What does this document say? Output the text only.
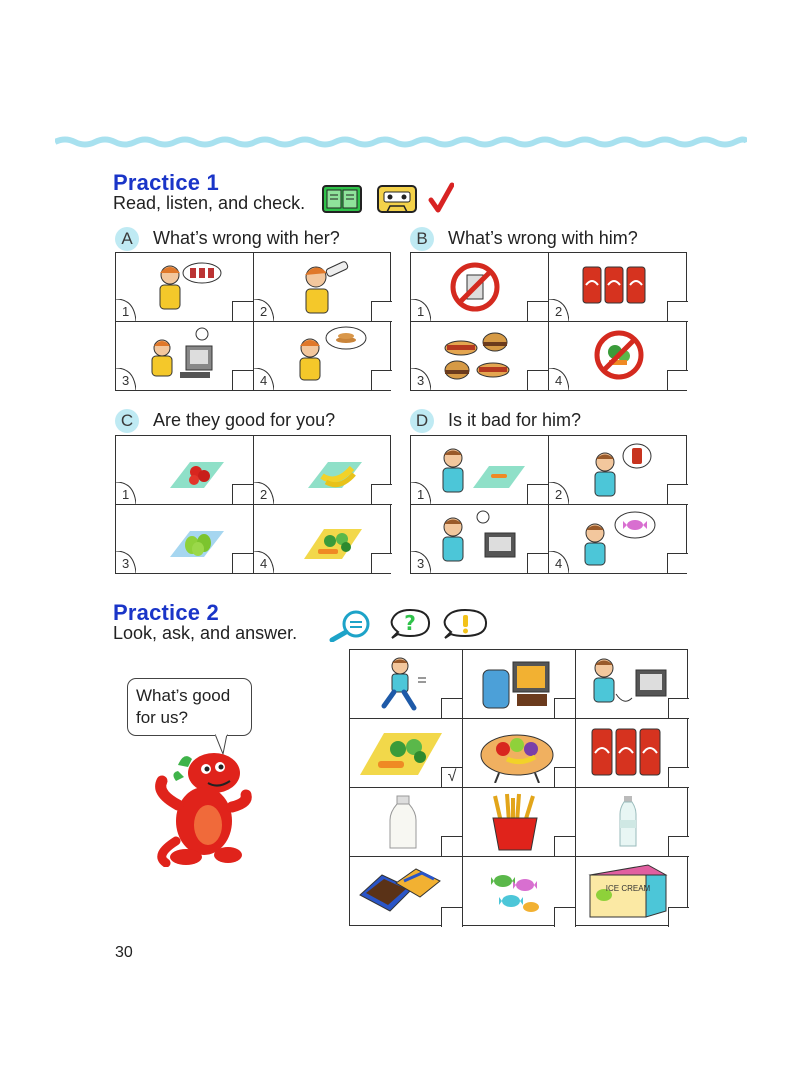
Practice 1
Read, listen, and check.
A	What’s wrong with her?	B	What’s wrong with him?
1	2
3	4
1	2
3	4
C	Are they good for you?	D	Is it bad for him?
1	2
3	4
1	2
3	4
Practice 2
Look, ask, and answer.	?
What’s good for us?
√
ICE CREAM
30
